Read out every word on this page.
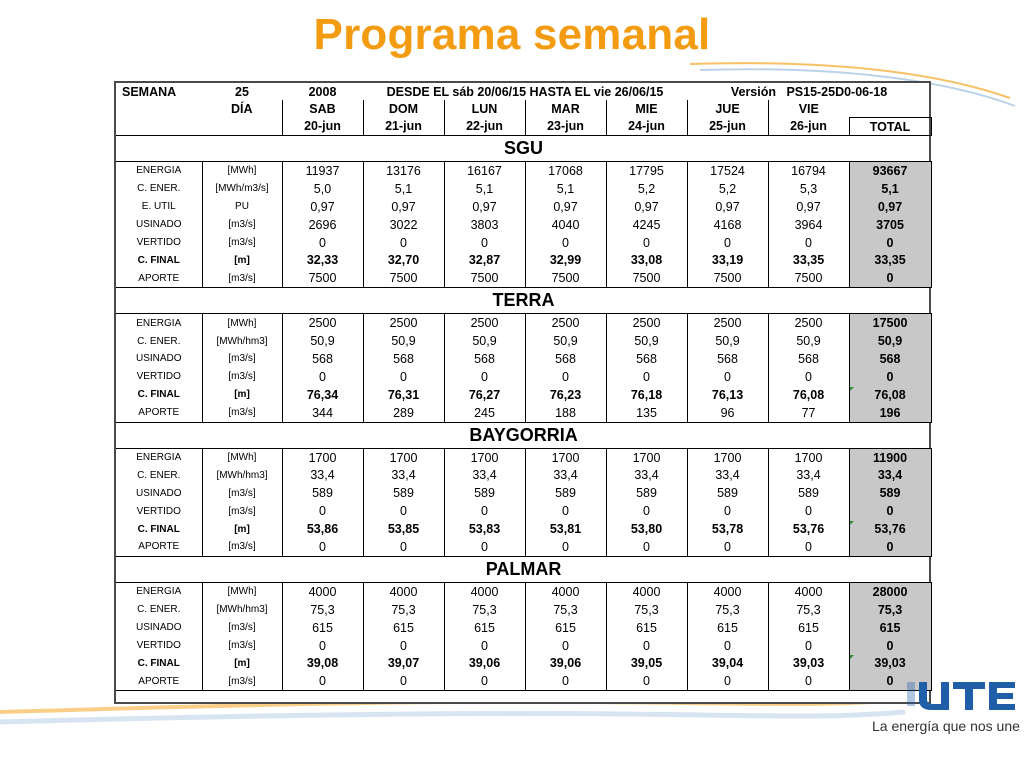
Programa semanal
SEMANA	25	2008	DESDE EL sáb 20/06/15 HASTA EL vie 26/06/15				Versión PS15-25D0-06-18		
	DÍA	SAB	DOM	LUN	MAR	MIE	JUE	VIE	
		20-jun	21-jun	22-jun	23-jun	24-jun	25-jun	26-jun	TOTAL
SGU									
ENERGIA	[MWh]	11937	13176	16167	17068	17795	17524	16794	93667
C. ENER.	[MWh/m3/s]	5,0	5,1	5,1	5,1	5,2	5,2	5,3	5,1
E. UTIL	PU	0,97	0,97	0,97	0,97	0,97	0,97	0,97	0,97
USINADO	[m3/s]	2696	3022	3803	4040	4245	4168	3964	3705
VERTIDO	[m3/s]	0	0	0	0	0	0	0	0
C. FINAL	[m]	32,33	32,70	32,87	32,99	33,08	33,19	33,35	33,35
APORTE	[m3/s]	7500	7500	7500	7500	7500	7500	7500	0
TERRA									
ENERGIA	[MWh]	2500	2500	2500	2500	2500	2500	2500	17500
C. ENER.	[MWh/hm3]	50,9	50,9	50,9	50,9	50,9	50,9	50,9	50,9
USINADO	[m3/s]	568	568	568	568	568	568	568	568
VERTIDO	[m3/s]	0	0	0	0	0	0	0	0
C. FINAL	[m]	76,34	76,31	76,27	76,23	76,18	76,13	76,08	76,08
APORTE	[m3/s]	344	289	245	188	135	96	77	196
BAYGORRIA									
ENERGIA	[MWh]	1700	1700	1700	1700	1700	1700	1700	11900
C. ENER.	[MWh/hm3]	33,4	33,4	33,4	33,4	33,4	33,4	33,4	33,4
USINADO	[m3/s]	589	589	589	589	589	589	589	589
VERTIDO	[m3/s]	0	0	0	0	0	0	0	0
C. FINAL	[m]	53,86	53,85	53,83	53,81	53,80	53,78	53,76	53,76
APORTE	[m3/s]	0	0	0	0	0	0	0	0
PALMAR									
ENERGIA	[MWh]	4000	4000	4000	4000	4000	4000	4000	28000
C. ENER.	[MWh/hm3]	75,3	75,3	75,3	75,3	75,3	75,3	75,3	75,3
USINADO	[m3/s]	615	615	615	615	615	615	615	615
VERTIDO	[m3/s]	0	0	0	0	0	0	0	0
C. FINAL	[m]	39,08	39,07	39,06	39,06	39,05	39,04	39,03	39,03
APORTE	[m3/s]	0	0	0	0	0	0	0	0
La energía que nos une
